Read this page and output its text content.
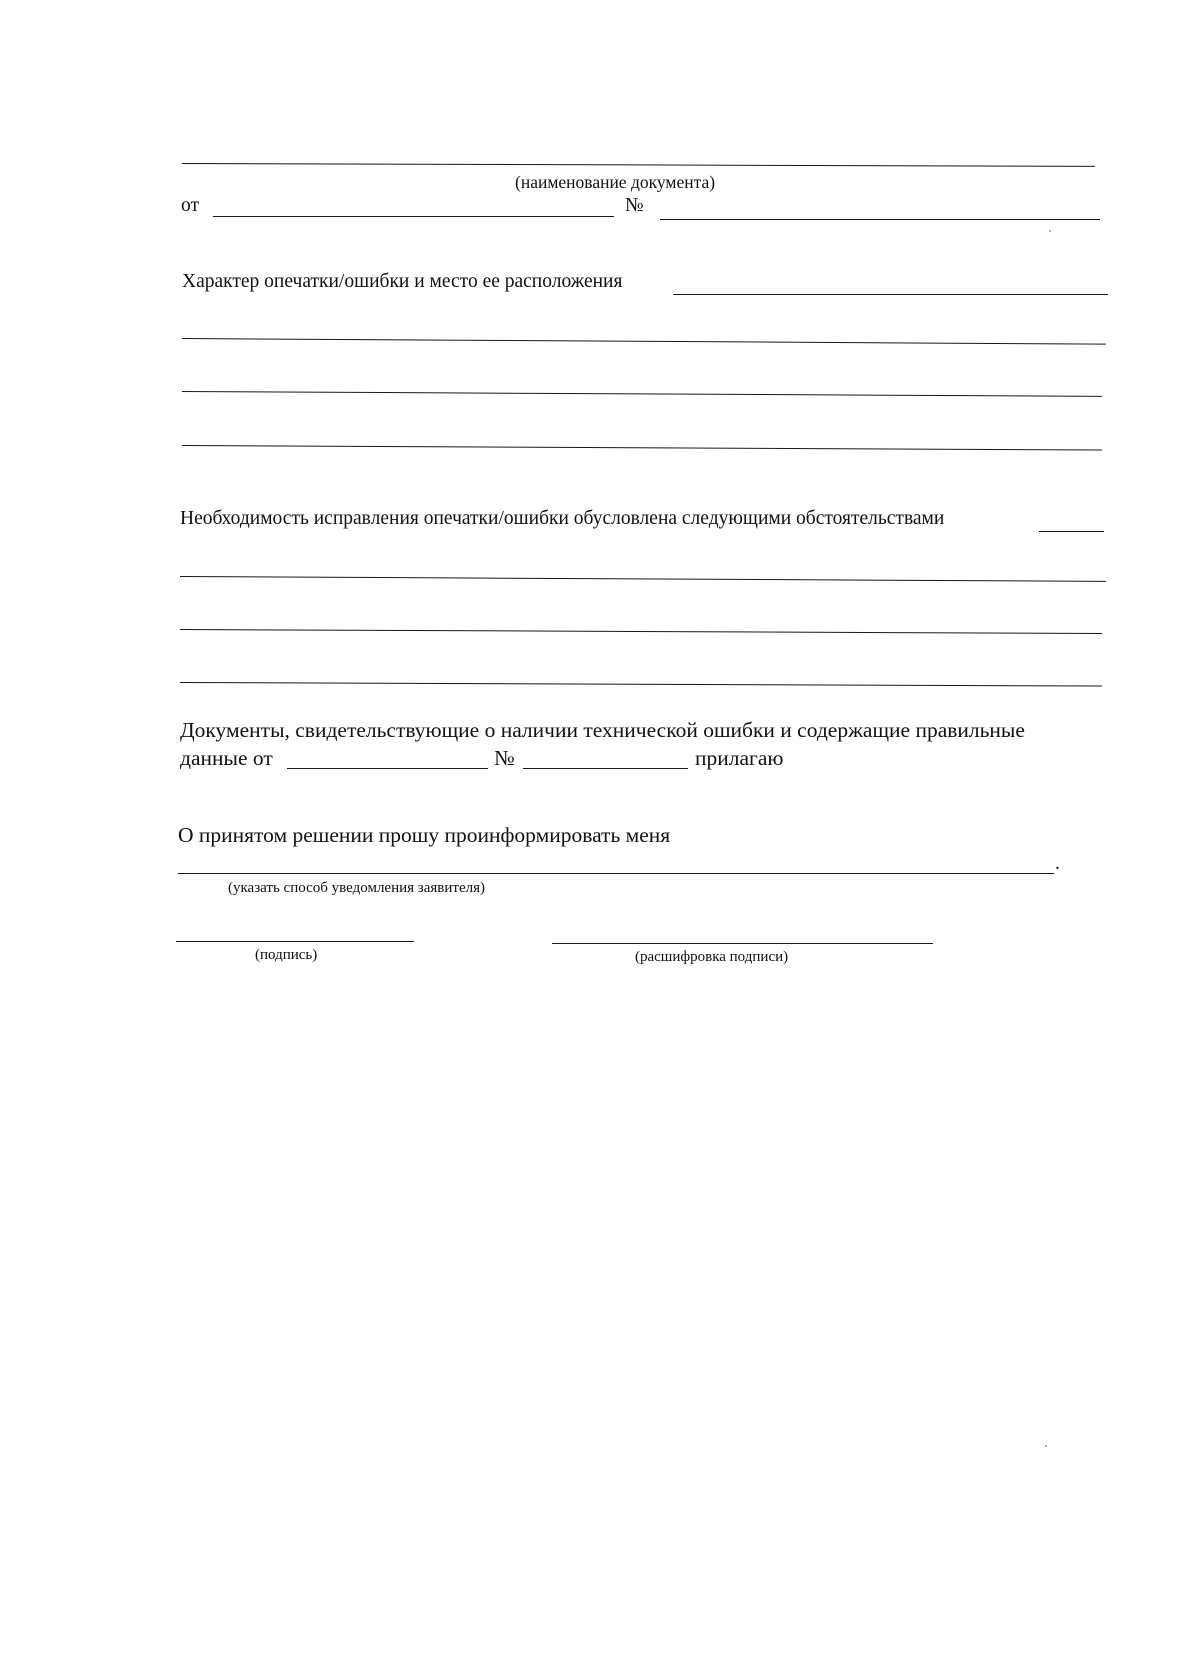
(наименование документа)
от	№
Характер опечатки/ошибки и место ее расположения
Необходимость исправления опечатки/ошибки обусловлена следующими обстоятельствами
Документы, свидетельствующие о наличии технической ошибки и содержащие правильные
данные от	№	прилагаю
О принятом решении прошу проинформировать меня
.
(указать способ уведомления заявителя)
(подпись)	(расшифровка подписи)
